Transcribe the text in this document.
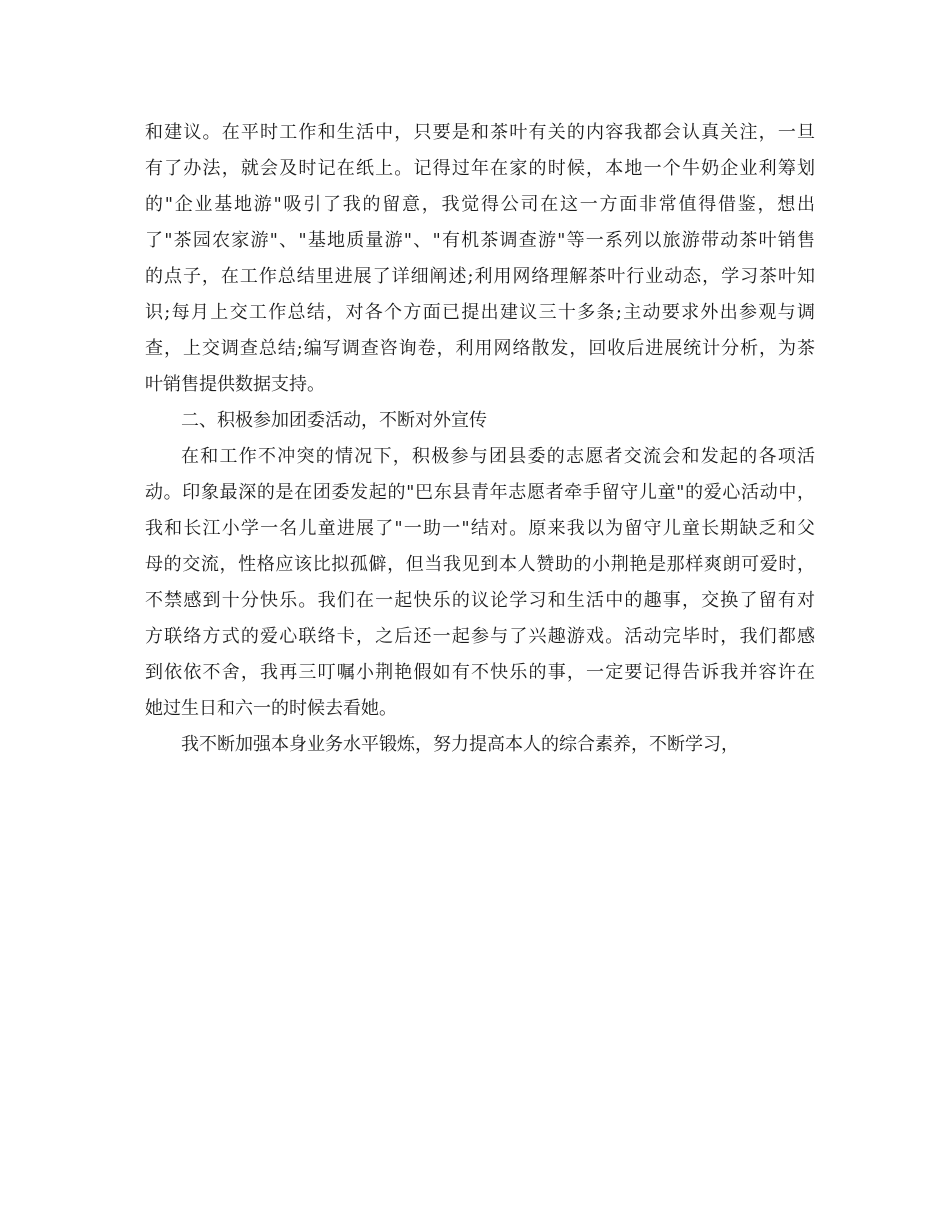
和建议。在平时工作和生活中，只要是和茶叶有关的内容我都会认真关注，一旦
有了办法，就会及时记在纸上。记得过年在家的时候，本地一个牛奶企业利筹划
的"企业基地游"吸引了我的留意，我觉得公司在这一方面非常值得借鉴，想出
了"茶园农家游"、"基地质量游"、"有机茶调查游"等一系列以旅游带动茶叶销售
的点子，在工作总结里进展了详细阐述;利用网络理解茶叶行业动态，学习茶叶知
识;每月上交工作总结，对各个方面已提出建议三十多条;主动要求外出参观与调
查，上交调查总结;编写调查咨询卷，利用网络散发，回收后进展统计分析，为茶
叶销售提供数据支持。
二、积极参加团委活动，不断对外宣传
在和工作不冲突的情况下，积极参与团县委的志愿者交流会和发起的各项活
动。印象最深的是在团委发起的"巴东县青年志愿者牵手留守儿童"的爱心活动中，
我和长江小学一名儿童进展了"一助一"结对。原来我以为留守儿童长期缺乏和父
母的交流，性格应该比拟孤僻，但当我见到本人赞助的小荆艳是那样爽朗可爱时，
不禁感到十分快乐。我们在一起快乐的议论学习和生活中的趣事，交换了留有对
方联络方式的爱心联络卡，之后还一起参与了兴趣游戏。活动完毕时，我们都感
到依依不舍，我再三叮嘱小荆艳假如有不快乐的事，一定要记得告诉我并容许在
她过生日和六一的时候去看她。
我不断加强本身业务水平锻炼，努力提高本人的综合素养，不断学习，
